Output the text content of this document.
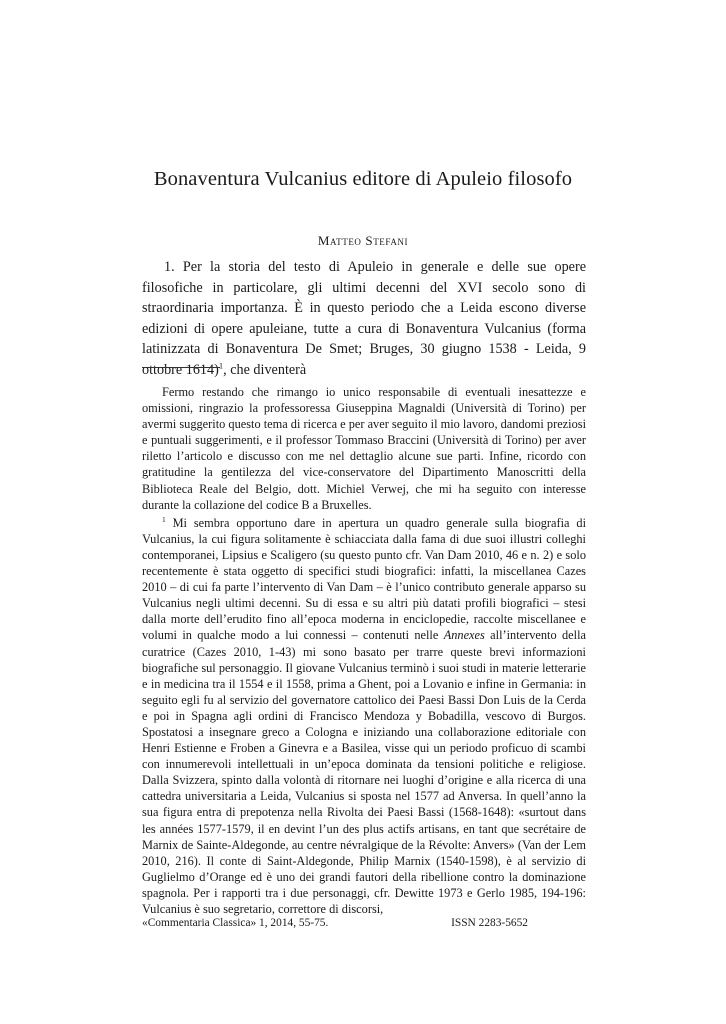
Bonaventura Vulcanius editore di Apuleio filosofo
Matteo Stefani

1. Per la storia del testo di Apuleio in generale e delle sue opere filosofiche in particolare, gli ultimi decenni del XVI secolo sono di straordinaria importanza. È in questo periodo che a Leida escono diverse edizioni di opere apuleiane, tutte a cura di Bonaventura Vulcanius (forma latinizzata di Bonaventura De Smet; Bruges, 30 giugno 1538 - Leida, 9 ottobre 1614)$^1$, che diventerà

Fermo restando che rimango io unico responsabile di eventuali inesattezze e omissioni, ringrazio la professoressa Giuseppina Magnaldi (Università di Torino) per avermi suggerito questo tema di ricerca e per aver seguito il mio lavoro, dandomi preziosi e puntuali suggerimenti, e il professor Tommaso Braccini (Università di Torino) per aver riletto l’articolo e discusso con me nel dettaglio alcune sue parti. Infine, ricordo con gratitudine la gentilezza del vice-conservatore del Dipartimento Manoscritti della Biblioteca Reale del Belgio, dott. Michiel Verwej, che mi ha seguito con interesse durante la collazione del codice B a Bruxelles.

$^1$ Mi sembra opportuno dare in apertura un quadro generale sulla biografia di Vulcanius, la cui figura solitamente è schiacciata dalla fama di due suoi illustri colleghi contemporanei, Lipsius e Scaligero (su questo punto cfr. Van Dam 2010, 46 e n. 2) e solo recentemente è stata oggetto di specifici studi biografici: infatti, la miscellanea Cazes 2010 – di cui fa parte l’intervento di Van Dam – è l’unico contributo generale apparso su Vulcanius negli ultimi decenni. Su di essa e su altri più datati profili biografici – stesi dalla morte dell’erudito fino all’epoca moderna in enciclopedie, raccolte miscellanee e volumi in qualche modo a lui connessi – contenuti nelle Annexes all’intervento della curatrice (Cazes 2010, 1-43) mi sono basato per trarre queste brevi informazioni biografiche sul personaggio. Il giovane Vulcanius terminò i suoi studi in materie letterarie e in medicina tra il 1554 e il 1558, prima a Ghent, poi a Lovanio e infine in Germania: in seguito egli fu al servizio del governatore cattolico dei Paesi Bassi Don Luis de la Cerda e poi in Spagna agli ordini di Francisco Mendoza y Bobadilla, vescovo di Burgos. Spostatosi a insegnare greco a Cologna e iniziando una collaborazione editoriale con Henri Estienne e Froben a Ginevra e a Basilea, visse qui un periodo proficuo di scambi con innumerevoli intellettuali in un’epoca dominata da tensioni politiche e religiose. Dalla Svizzera, spinto dalla volontà di ritornare nei luoghi d’origine e alla ricerca di una cattedra universitaria a Leida, Vulcanius si sposta nel 1577 ad Anversa. In quell’anno la sua figura entra di prepotenza nella Rivolta dei Paesi Bassi (1568-1648): «surtout dans les années 1577-1579, il en devint l’un des plus actifs artisans, en tant que secrétaire de Marnix de Sainte-Aldegonde, au centre névralgique de la Révolte: Anvers» (Van der Lem 2010, 216). Il conte di Saint-Aldegonde, Philip Marnix (1540-1598), è al servizio di Guglielmo d’Orange ed è uno dei grandi fautori della ribellione contro la dominazione spagnola. Per i rapporti tra i due personaggi, cfr. Dewitte 1973 e Gerlo 1985, 194-196: Vulcanius è suo segretario, correttore di discorsi,

«Commentaria Classica» 1, 2014, 55-75.	ISSN 2283-5652
